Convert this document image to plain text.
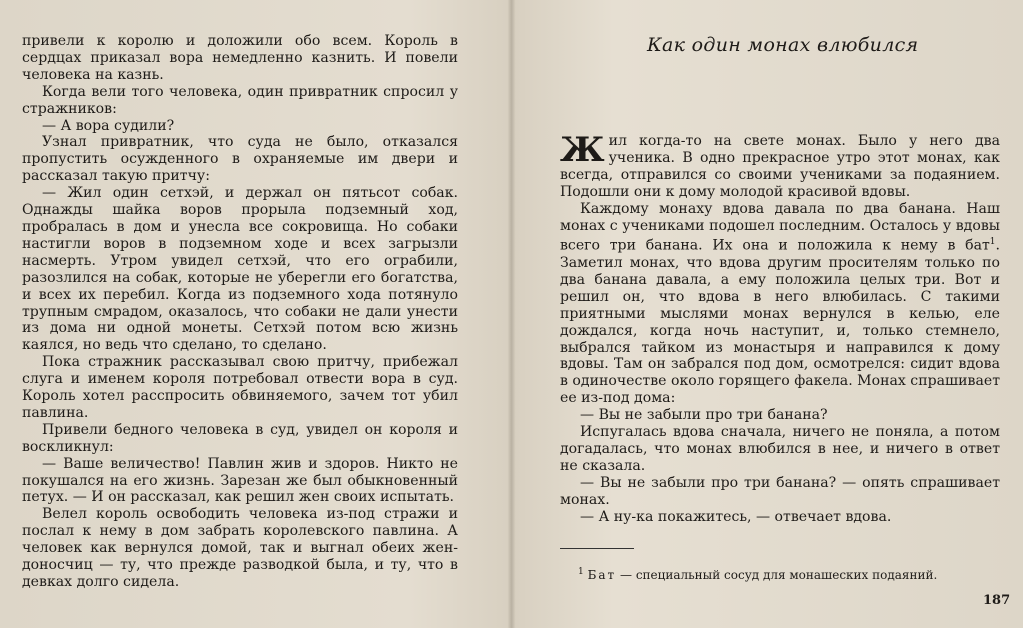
привели к королю и доложили обо всем. Король в сердцах приказал вора немедленно казнить. И повели человека на казнь.

Когда вели того человека, один привратник спросил у стражников:

— А вора судили?

Узнал привратник, что суда не было, отказался пропустить осужденного в охраняемые им двери и рассказал такую притчу:

— Жил один сетхэй, и держал он пятьсот собак. Однажды шайка воров прорыла подземный ход, пробралась в дом и унесла все сокровища. Но собаки настигли воров в подземном ходе и всех загрызли насмерть. Утром увидел сетхэй, что его ограбили, разозлился на собак, которые не уберегли его богатства, и всех их перебил. Когда из подземного хода потянуло трупным смрадом, оказалось, что собаки не дали унести из дома ни одной монеты. Сетхэй потом всю жизнь каялся, но ведь что сделано, то сделано.

Пока стражник рассказывал свою притчу, прибежал слуга и именем короля потребовал отвести вора в суд. Король хотел расспросить обвиняемого, зачем тот убил павлина.

Привели бедного человека в суд, увидел он короля и воскликнул:

— Ваше величество! Павлин жив и здоров. Никто не покушался на его жизнь. Зарезан же был обыкновенный петух. — И он рассказал, как решил жен своих испытать.

Велел король освободить человека из-под стражи и послал к нему в дом забрать королевского павлина. А человек как вернулся домой, так и выгнал обеих жен-доносчиц — ту, что прежде разводкой была, и ту, что в девках долго сидела.

Как один монах влюбился

Жил когда-то на свете монах. Было у него два ученика. В одно прекрасное утро этот монах, как всегда, отправился со своими учениками за подаянием. Подошли они к дому молодой красивой вдовы.

Каждому монаху вдова давала по два банана. Наш монах с учениками подошел последним. Осталось у вдовы всего три банана. Их она и положила к нему в бат$^1$. Заметил монах, что вдова другим просителям только по два банана давала, а ему положила целых три. Вот и решил он, что вдова в него влюбилась. С такими приятными мыслями монах вернулся в келью, еле дождался, когда ночь наступит, и, только стемнело, выбрался тайком из монастыря и направился к дому вдовы. Там он забрался под дом, осмотрелся: сидит вдова в одиночестве около горящего факела. Монах спрашивает ее из-под дома:

— Вы не забыли про три банана?

Испугалась вдова сначала, ничего не поняла, а потом догадалась, что монах влюбился в нее, и ничего в ответ не сказала.

— Вы не забыли про три банана? — опять спрашивает монах.

— А ну-ка покажитесь, — отвечает вдова.

$^1$ Бат — специальный сосуд для монашеских подаяний.
187
